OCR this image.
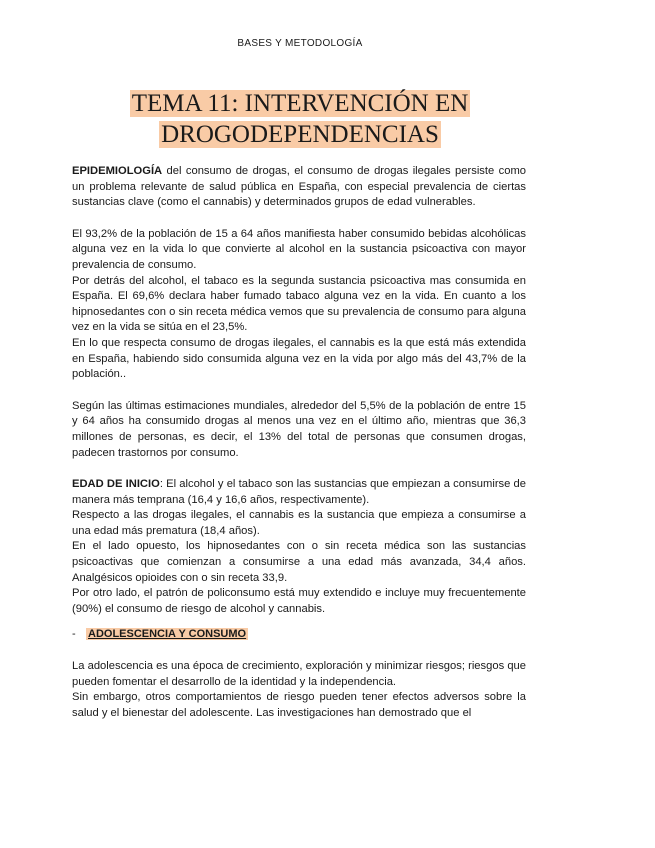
BASES Y METODOLOGÍA
TEMA 11: INTERVENCIÓN EN
DROGODEPENDENCIAS

EPIDEMIOLOGÍA del consumo de drogas, el consumo de drogas ilegales persiste como un problema relevante de salud pública en España, con especial prevalencia de ciertas sustancias clave (como el cannabis) y determinados grupos de edad vulnerables.

El 93,2% de la población de 15 a 64 años manifiesta haber consumido bebidas alcohólicas alguna vez en la vida lo que convierte al alcohol en la sustancia psicoactiva con mayor prevalencia de consumo.

Por detrás del alcohol, el tabaco es la segunda sustancia psicoactiva mas consumida en España. El 69,6% declara haber fumado tabaco alguna vez en la vida. En cuanto a los hipnosedantes con o sin receta médica vemos que su prevalencia de consumo para alguna vez en la vida se sitúa en el 23,5%.

En lo que respecta consumo de drogas ilegales, el cannabis es la que está más extendida en España, habiendo sido consumida alguna vez en la vida por algo más del 43,7% de la población..

Según las últimas estimaciones mundiales, alrededor del 5,5% de la población de entre 15 y 64 años ha consumido drogas al menos una vez en el último año, mientras que 36,3 millones de personas, es decir, el 13% del total de personas que consumen drogas, padecen trastornos por consumo.

EDAD DE INICIO: El alcohol y el tabaco son las sustancias que empiezan a consumirse de manera más temprana (16,4 y 16,6 años, respectivamente).

Respecto a las drogas ilegales, el cannabis es la sustancia que empieza a consumirse a una edad más prematura (18,4 años).

En el lado opuesto, los hipnosedantes con o sin receta médica son las sustancias psicoactivas que comienzan a consumirse a una edad más avanzada, 34,4 años. Analgésicos opioides con o sin receta 33,9.

Por otro lado, el patrón de policonsumo está muy extendido e incluye muy frecuentemente (90%) el consumo de riesgo de alcohol y cannabis.

- ADOLESCENCIA Y CONSUMO

La adolescencia es una época de crecimiento, exploración y minimizar riesgos; riesgos que pueden fomentar el desarrollo de la identidad y la independencia.

Sin embargo, otros comportamientos de riesgo pueden tener efectos adversos sobre la salud y el bienestar del adolescente. Las investigaciones han demostrado que el
